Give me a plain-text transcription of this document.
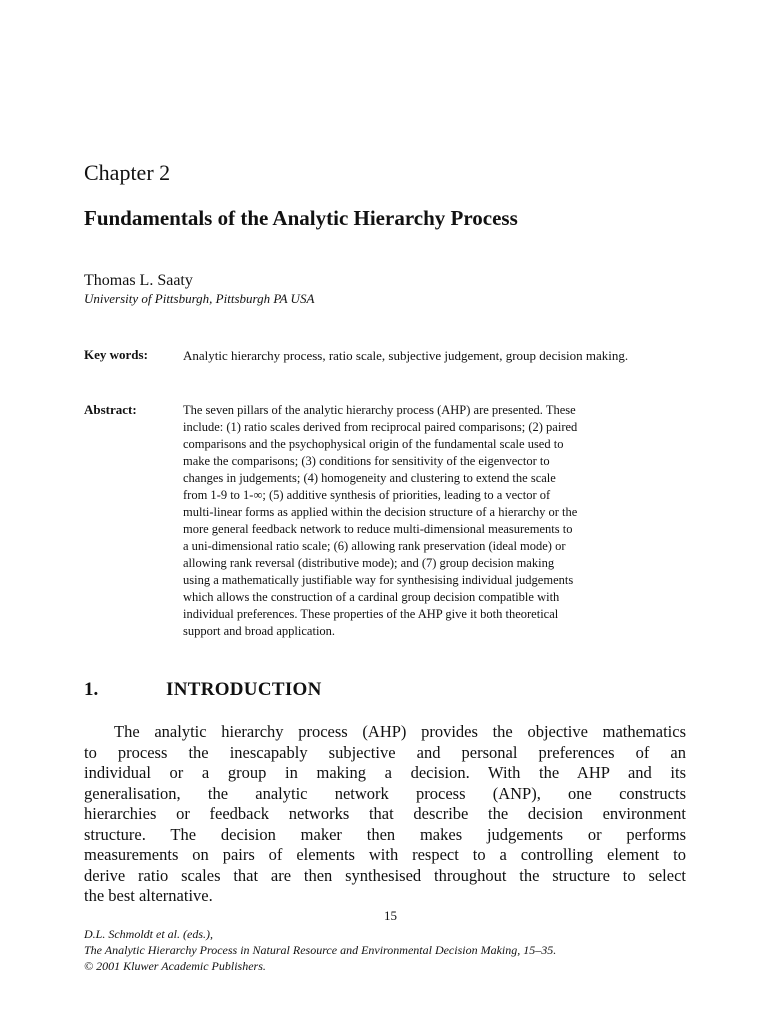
Chapter 2
Fundamentals of the Analytic Hierarchy Process
Thomas L. Saaty
University of Pittsburgh, Pittsburgh PA USA
Key words:	Analytic hierarchy process, ratio scale, subjective judgement, group decision making.
Abstract:	The seven pillars of the analytic hierarchy process (AHP) are presented. These
include: (1) ratio scales derived from reciprocal paired comparisons; (2) paired
comparisons and the psychophysical origin of the fundamental scale used to
make the comparisons; (3) conditions for sensitivity of the eigenvector to
changes in judgements; (4) homogeneity and clustering to extend the scale
from 1-9 to 1-∞; (5) additive synthesis of priorities, leading to a vector of
multi-linear forms as applied within the decision structure of a hierarchy or the
more general feedback network to reduce multi-dimensional measurements to
a uni-dimensional ratio scale; (6) allowing rank preservation (ideal mode) or
allowing rank reversal (distributive mode); and (7) group decision making
using a mathematically justifiable way for synthesising individual judgements
which allows the construction of a cardinal group decision compatible with
individual preferences. These properties of the AHP give it both theoretical
support and broad application.
1.	INTRODUCTION
The analytic hierarchy process (AHP) provides the objective mathematics
to process the inescapably subjective and personal preferences of an
individual or a group in making a decision. With the AHP and its
generalisation, the analytic network process (ANP), one constructs
hierarchies or feedback networks that describe the decision environment
structure. The decision maker then makes judgements or performs
measurements on pairs of elements with respect to a controlling element to
derive ratio scales that are then synthesised throughout the structure to select
the best alternative.
15
D.L. Schmoldt et al. (eds.),
The Analytic Hierarchy Process in Natural Resource and Environmental Decision Making, 15–35.
© 2001 Kluwer Academic Publishers.
